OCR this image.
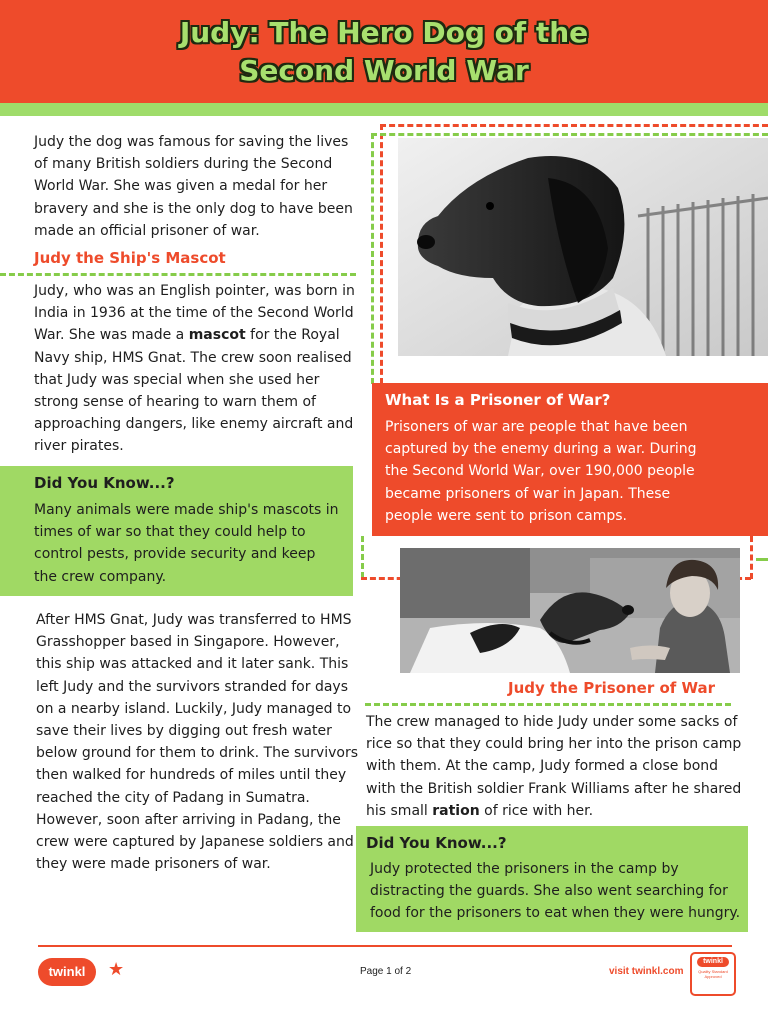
Judy: The Hero Dog of the
Second World War

Judy the dog was famous for saving the lives of many British soldiers during the Second World War. She was given a medal for her bravery and she is the only dog to have been made an official prisoner of war.

Judy the Ship's Mascot

Judy, who was an English pointer, was born in India in 1936 at the time of the Second World War. She was made a mascot for the Royal Navy ship, HMS Gnat. The crew soon realised that Judy was special when she used her strong sense of hearing to warn them of approaching dangers, like enemy aircraft and river pirates.

Did You Know...?

Many animals were made ship's mascots in times of war so that they could help to control pests, provide security and keep the crew company.

After HMS Gnat, Judy was transferred to HMS Grasshopper based in Singapore. However, this ship was attacked and it later sank. This left Judy and the survivors stranded for days on a nearby island. Luckily, Judy managed to save their lives by digging out fresh water below ground for them to drink. The survivors then walked for hundreds of miles until they reached the city of Padang in Sumatra. However, soon after arriving in Padang, the crew were captured by Japanese soldiers and they were made prisoners of war.

What Is a Prisoner of War?

Prisoners of war are people that have been captured by the enemy during a war. During the Second World War, over 190,000 people became prisoners of war in Japan. These people were sent to prison camps.

Judy the Prisoner of War

The crew managed to hide Judy under some sacks of rice so that they could bring her into the prison camp with them. At the camp, Judy formed a close bond with the British soldier Frank Williams after he shared his small ration of rice with her.

Did You Know...?

Judy protected the prisoners in the camp by distracting the guards. She also went searching for food for the prisoners to eat when they were hungry.

twinkl	★	Page 1 of 2	visit twinkl.com
twinkl
Quality Standard Approved
